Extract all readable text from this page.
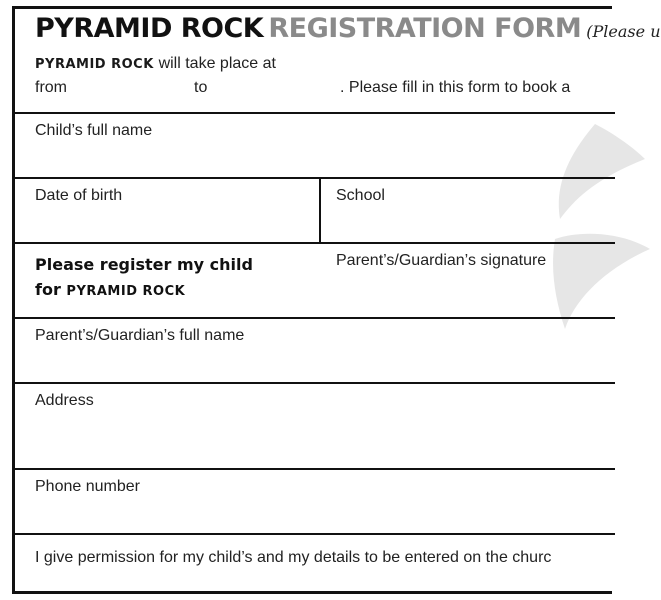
PYRAMID ROCK REGISTRATION FORM (Please u
PYRAMID ROCK will take place at
from	to	. Please fill in this form to book a
Child’s full name
Date of birth	School
Please register my child
for PYRAMID ROCK
Parent’s/Guardian’s signature
Parent’s/Guardian’s full name
Address
Phone number
I give permission for my child’s and my details to be entered on the churc
